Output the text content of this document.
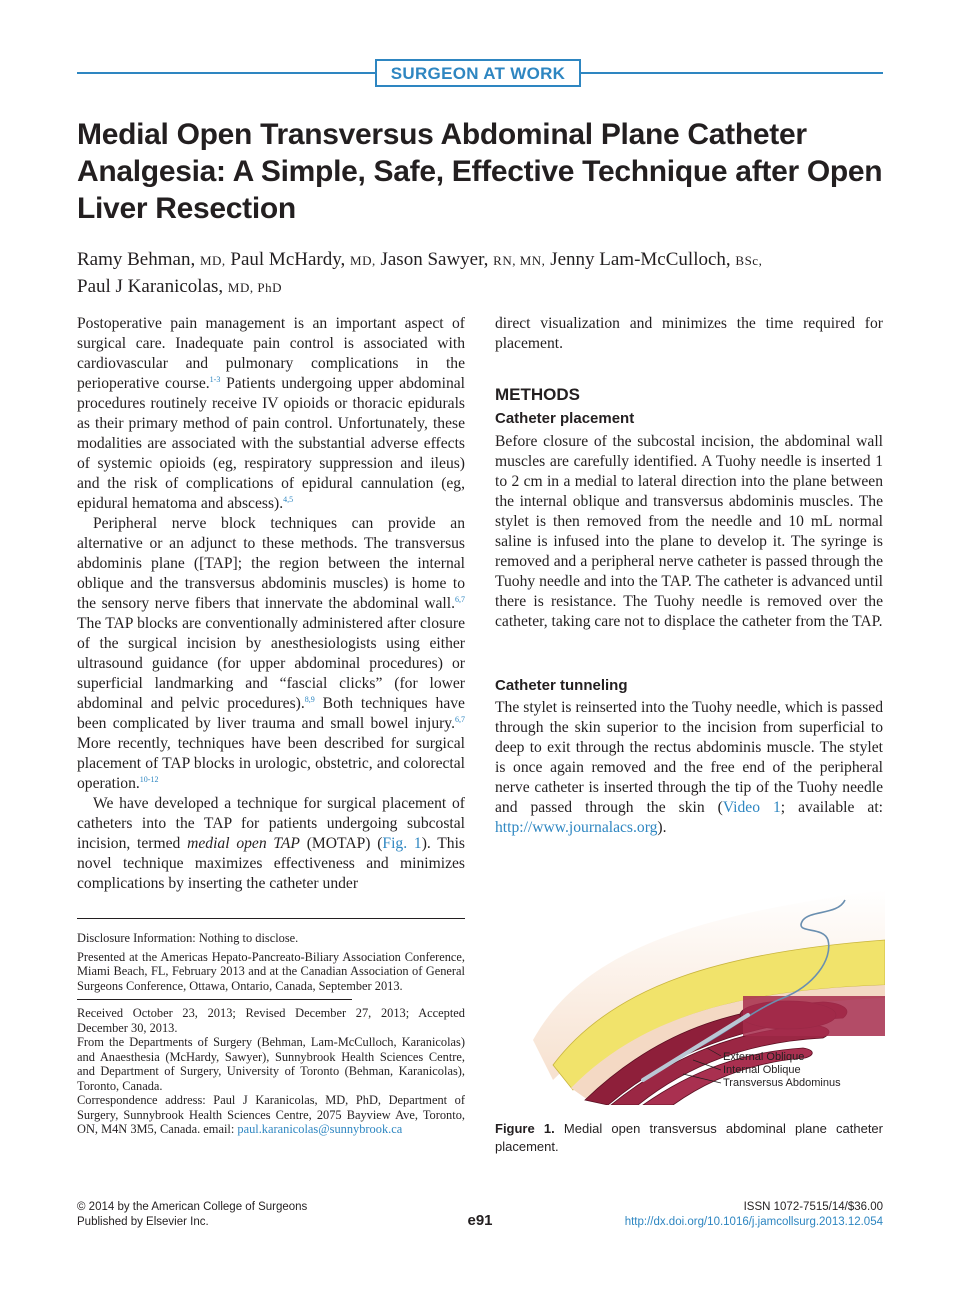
SURGEON AT WORK
Medial Open Transversus Abdominal Plane Catheter Analgesia: A Simple, Safe, Effective Technique after Open Liver Resection
Ramy Behman, MD, Paul McHardy, MD, Jason Sawyer, RN, MN, Jenny Lam-McCulloch, BSc,
Paul J Karanicolas, MD, PhD

Postoperative pain management is an important aspect of surgical care. Inadequate pain control is associated with cardiovascular and pulmonary complications in the perioperative course.$^{1-3}$ Patients undergoing upper abdominal procedures routinely receive IV opioids or thoracic epidurals as their primary method of pain control. Unfortunately, these modalities are associated with the substantial adverse effects of systemic opioids (eg, respiratory suppression and ileus) and the risk of complications of epidural cannulation (eg, epidural hematoma and abscess).$^{4,5}$

Peripheral nerve block techniques can provide an alternative or an adjunct to these methods. The transversus abdominis plane ([TAP]; the region between the internal oblique and the transversus abdominis muscles) is home to the sensory nerve fibers that innervate the abdominal wall.$^{6,7}$ The TAP blocks are conventionally administered after closure of the surgical incision by anesthesiologists using either ultrasound guidance (for upper abdominal procedures) or superficial landmarking and “fascial clicks” (for lower abdominal and pelvic procedures).$^{8,9}$ Both techniques have been complicated by liver trauma and small bowel injury.$^{6,7}$ More recently, techniques have been described for surgical placement of TAP blocks in urologic, obstetric, and colorectal operation.$^{10-12}$

We have developed a technique for surgical placement of catheters into the TAP for patients undergoing subcostal incision, termed medial open TAP (MOTAP) (Fig. 1). This novel technique maximizes effectiveness and minimizes complications by inserting the catheter under

Disclosure Information: Nothing to disclose.

Presented at the Americas Hepato-Pancreato-Biliary Association Conference, Miami Beach, FL, February 2013 and at the Canadian Association of General Surgeons Conference, Ottawa, Ontario, Canada, September 2013.

Received October 23, 2013; Revised December 27, 2013; Accepted December 30, 2013.

From the Departments of Surgery (Behman, Lam-McCulloch, Karanicolas) and Anaesthesia (McHardy, Sawyer), Sunnybrook Health Sciences Centre, and Department of Surgery, University of Toronto (Behman, Karanicolas), Toronto, Canada.

Correspondence address: Paul J Karanicolas, MD, PhD, Department of Surgery, Sunnybrook Health Sciences Centre, 2075 Bayview Ave, Toronto, ON, M4N 3M5, Canada. email: paul.karanicolas@sunnybrook.ca

direct visualization and minimizes the time required for placement.

METHODS
Catheter placement

Before closure of the subcostal incision, the abdominal wall muscles are carefully identified. A Tuohy needle is inserted 1 to 2 cm in a medial to lateral direction into the plane between the internal oblique and transversus abdominis muscles. The stylet is then removed from the needle and 10 mL normal saline is infused into the plane to develop it. The syringe is removed and a peripheral nerve catheter is passed through the Tuohy needle and into the TAP. The catheter is advanced until there is resistance. The Tuohy needle is removed over the catheter, taking care not to displace the catheter from the TAP.

Catheter tunneling

The stylet is reinserted into the Tuohy needle, which is passed through the skin superior to the incision from superficial to deep to exit through the rectus abdominis muscle. The stylet is once again removed and the free end of the peripheral nerve catheter is inserted through the tip of the Tuohy needle and passed through the skin (Video 1; available at: http://www.journalacs.org).

External Oblique
Internal Oblique
Transversus Abdominus
Figure 1. Medial open transversus abdominal plane catheter placement.
© 2014 by the American College of Surgeons
Published by Elsevier Inc.	e91
ISSN 1072-7515/14/$36.00
http://dx.doi.org/10.1016/j.jamcollsurg.2013.12.054
